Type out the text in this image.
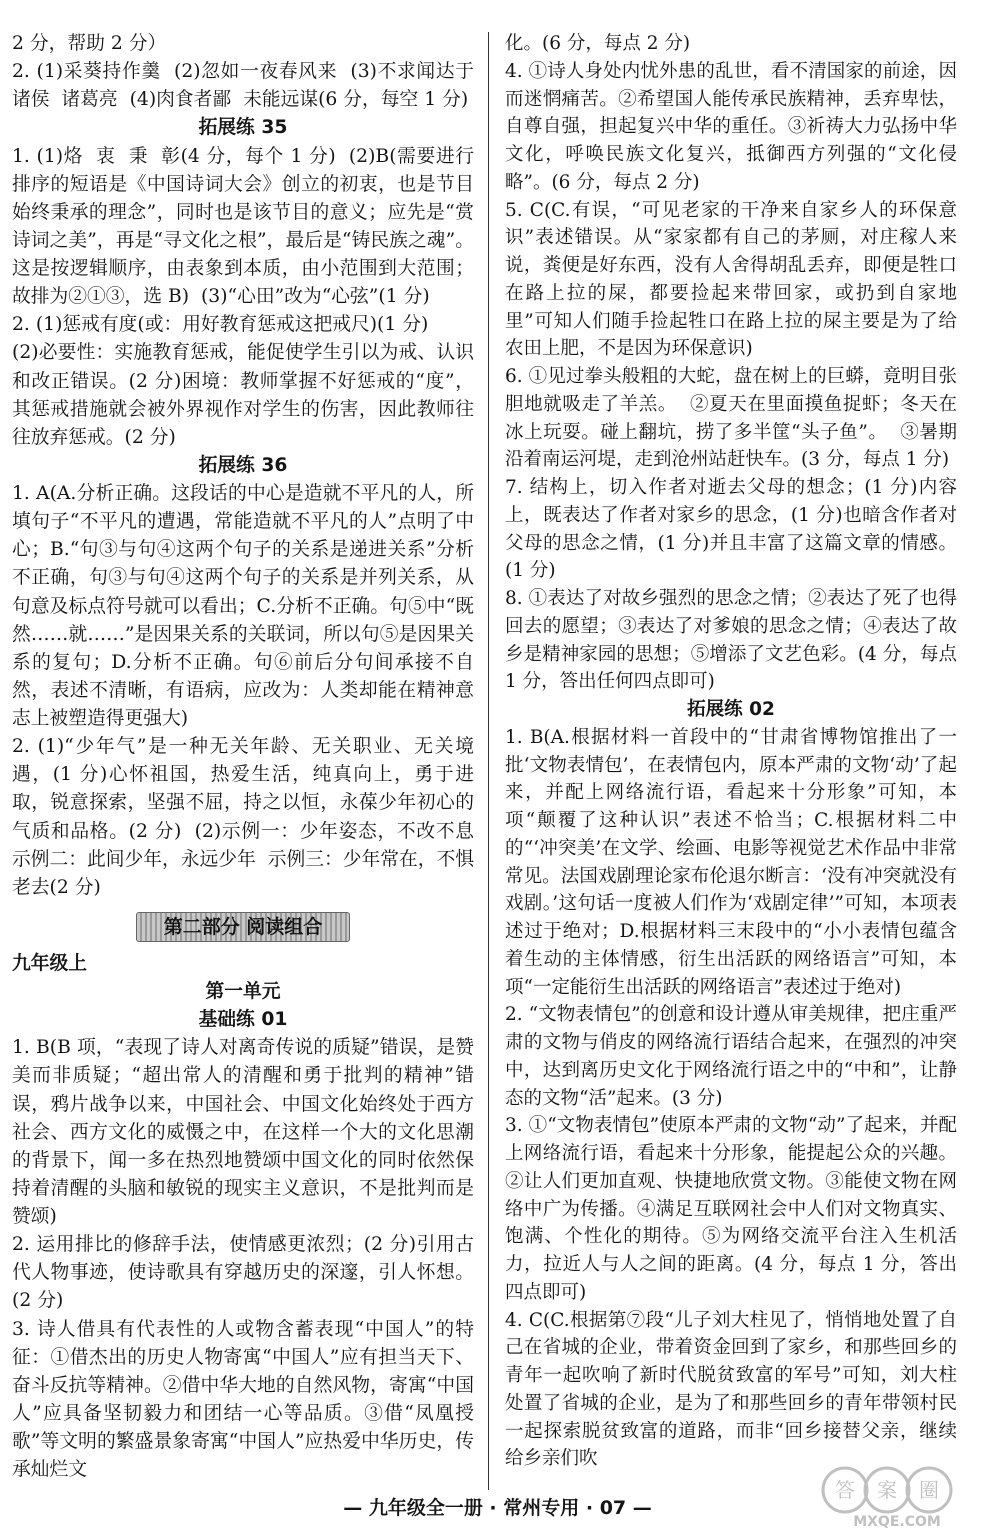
2 分，帮助 2 分）
2. (1)采葵持作羹  (2)忽如一夜春风来  (3)不求闻达于诸侯  诸葛亮  (4)肉食者鄙  未能远谋(6 分，每空 1 分)
拓展练 35
1. (1)烙  衷  秉  彰(4 分，每个 1 分)  (2)B(需要进行排序的短语是《中国诗词大会》创立的初衷，也是节目始终秉承的理念”，同时也是该节目的意义；应先是“赏诗词之美”，再是“寻文化之根”，最后是“铸民族之魂”。这是按逻辑顺序，由表象到本质，由小范围到大范围；故排为②①③，选 B)  (3)“心田”改为“心弦”(1 分)
2. (1)惩戒有度(或：用好教育惩戒这把戒尺)(1 分)
(2)必要性：实施教育惩戒，能促使学生引以为戒、认识和改正错误。(2 分)困境：教师掌握不好惩戒的“度”，其惩戒措施就会被外界视作对学生的伤害，因此教师往往放弃惩戒。(2 分)
拓展练 36
1. A(A.分析正确。这段话的中心是造就不平凡的人，所填句子“不平凡的遭遇，常能造就不平凡的人”点明了中心；B.“句③与句④这两个句子的关系是递进关系”分析不正确，句③与句④这两个句子的关系是并列关系，从句意及标点符号就可以看出；C.分析不正确。句⑤中“既然……就……”是因果关系的关联词，所以句⑤是因果关系的复句；D.分析不正确。句⑥前后分句间承接不自然，表述不清晰，有语病，应改为：人类却能在精神意志上被塑造得更强大)
2. (1)“少年气”是一种无关年龄、无关职业、无关境遇，(1 分)心怀祖国，热爱生活，纯真向上，勇于进取，锐意探索，坚强不屈，持之以恒，永葆少年初心的气质和品格。(2 分)  (2)示例一：少年姿态，不改不息  示例二：此间少年，永远少年  示例三：少年常在，不惧老去(2 分)
第二部分 阅读组合
九年级上
第一单元
基础练 01
1. B(B 项，“表现了诗人对离奇传说的质疑”错误，是赞美而非质疑；“超出常人的清醒和勇于批判的精神”错误，鸦片战争以来，中国社会、中国文化始终处于西方社会、西方文化的威慑之中，在这样一个大的文化思潮的背景下，闻一多在热烈地赞颂中国文化的同时依然保持着清醒的头脑和敏锐的现实主义意识，不是批判而是赞颂)
2. 运用排比的修辞手法，使情感更浓烈；(2 分)引用古代人物事迹，使诗歌具有穿越历史的深邃，引人怀想。(2 分)
3. 诗人借具有代表性的人或物含蓄表现“中国人”的特征：①借杰出的历史人物寄寓“中国人”应有担当天下、奋斗反抗等精神。②借中华大地的自然风物，寄寓“中国人”应具备坚韧毅力和团结一心等品质。③借“凤凰授歌”等文明的繁盛景象寄寓“中国人”应热爱中华历史，传承灿烂文
化。(6 分，每点 2 分)
4. ①诗人身处内忧外患的乱世，看不清国家的前途，因而迷惘痛苦。②希望国人能传承民族精神，丢弃卑怯，自尊自强，担起复兴中华的重任。③祈祷大力弘扬中华文化，呼唤民族文化复兴，抵御西方列强的“文化侵略”。(6 分，每点 2 分)
5. C(C.有误，“可见老家的干净来自家乡人的环保意识”表述错误。从“家家都有自己的茅厕，对庄稼人来说，粪便是好东西，没有人舍得胡乱丢弃，即便是牲口在路上拉的屎，都要捡起来带回家，或扔到自家地里”可知人们随手捡起牲口在路上拉的屎主要是为了给农田上肥，不是因为环保意识)
6. ①见过拳头般粗的大蛇，盘在树上的巨蟒，竟明目张胆地就吸走了羊羔。  ②夏天在里面摸鱼捉虾；冬天在冰上玩耍。碰上翻坑，捞了多半筐“头子鱼”。  ③暑期沿着南运河堤，走到沧州站赶快车。(3 分，每点 1 分)
7. 结构上，切入作者对逝去父母的想念；(1 分)内容上，既表达了作者对家乡的思念，(1 分)也暗含作者对父母的思念之情，(1 分)并且丰富了这篇文章的情感。(1 分)
8. ①表达了对故乡强烈的思念之情；②表达了死了也得回去的愿望；③表达了对爹娘的思念之情；④表达了故乡是精神家园的思想；⑤增添了文艺色彩。(4 分，每点 1 分，答出任何四点即可)
拓展练 02
1. B(A.根据材料一首段中的“甘肃省博物馆推出了一批‘文物表情包’，在表情包内，原本严肃的文物‘动’了起来，并配上网络流行语，看起来十分形象”可知，本项“颠覆了这种认识”表述不恰当；C.根据材料二中的“‘冲突美’在文学、绘画、电影等视觉艺术作品中非常常见。法国戏剧理论家布伦退尔断言：‘没有冲突就没有戏剧。’这句话一度被人们作为‘戏剧定律’”可知，本项表述过于绝对；D.根据材料三末段中的“小小表情包蕴含着生动的主体情感，衍生出活跃的网络语言”可知，本项“一定能衍生出活跃的网络语言”表述过于绝对)
2. “文物表情包”的创意和设计遵从审美规律，把庄重严肃的文物与俏皮的网络流行语结合起来，在强烈的冲突中，达到离历史文化于网络流行语之中的“中和”，让静态的文物“活”起来。(3 分)
3. ①“文物表情包”使原本严肃的文物“动”了起来，并配上网络流行语，看起来十分形象，能提起公众的兴趣。②让人们更加直观、快捷地欣赏文物。③能使文物在网络中广为传播。④满足互联网社会中人们对文物真实、饱满、个性化的期待。⑤为网络交流平台注入生机活力，拉近人与人之间的距离。(4 分，每点 1 分，答出四点即可)
4. C(C.根据第⑦段“儿子刘大柱见了，悄悄地处置了自己在省城的企业，带着资金回到了家乡，和那些回乡的青年一起吹响了新时代脱贫致富的军号”可知，刘大柱处置了省城的企业，是为了和那些回乡的青年带领村民一起探索脱贫致富的道路，而非“回乡接替父亲，继续给乡亲们吹
— 九年级全一册 · 常州专用 · 07 —
答 案 圈
MXQE.COM
